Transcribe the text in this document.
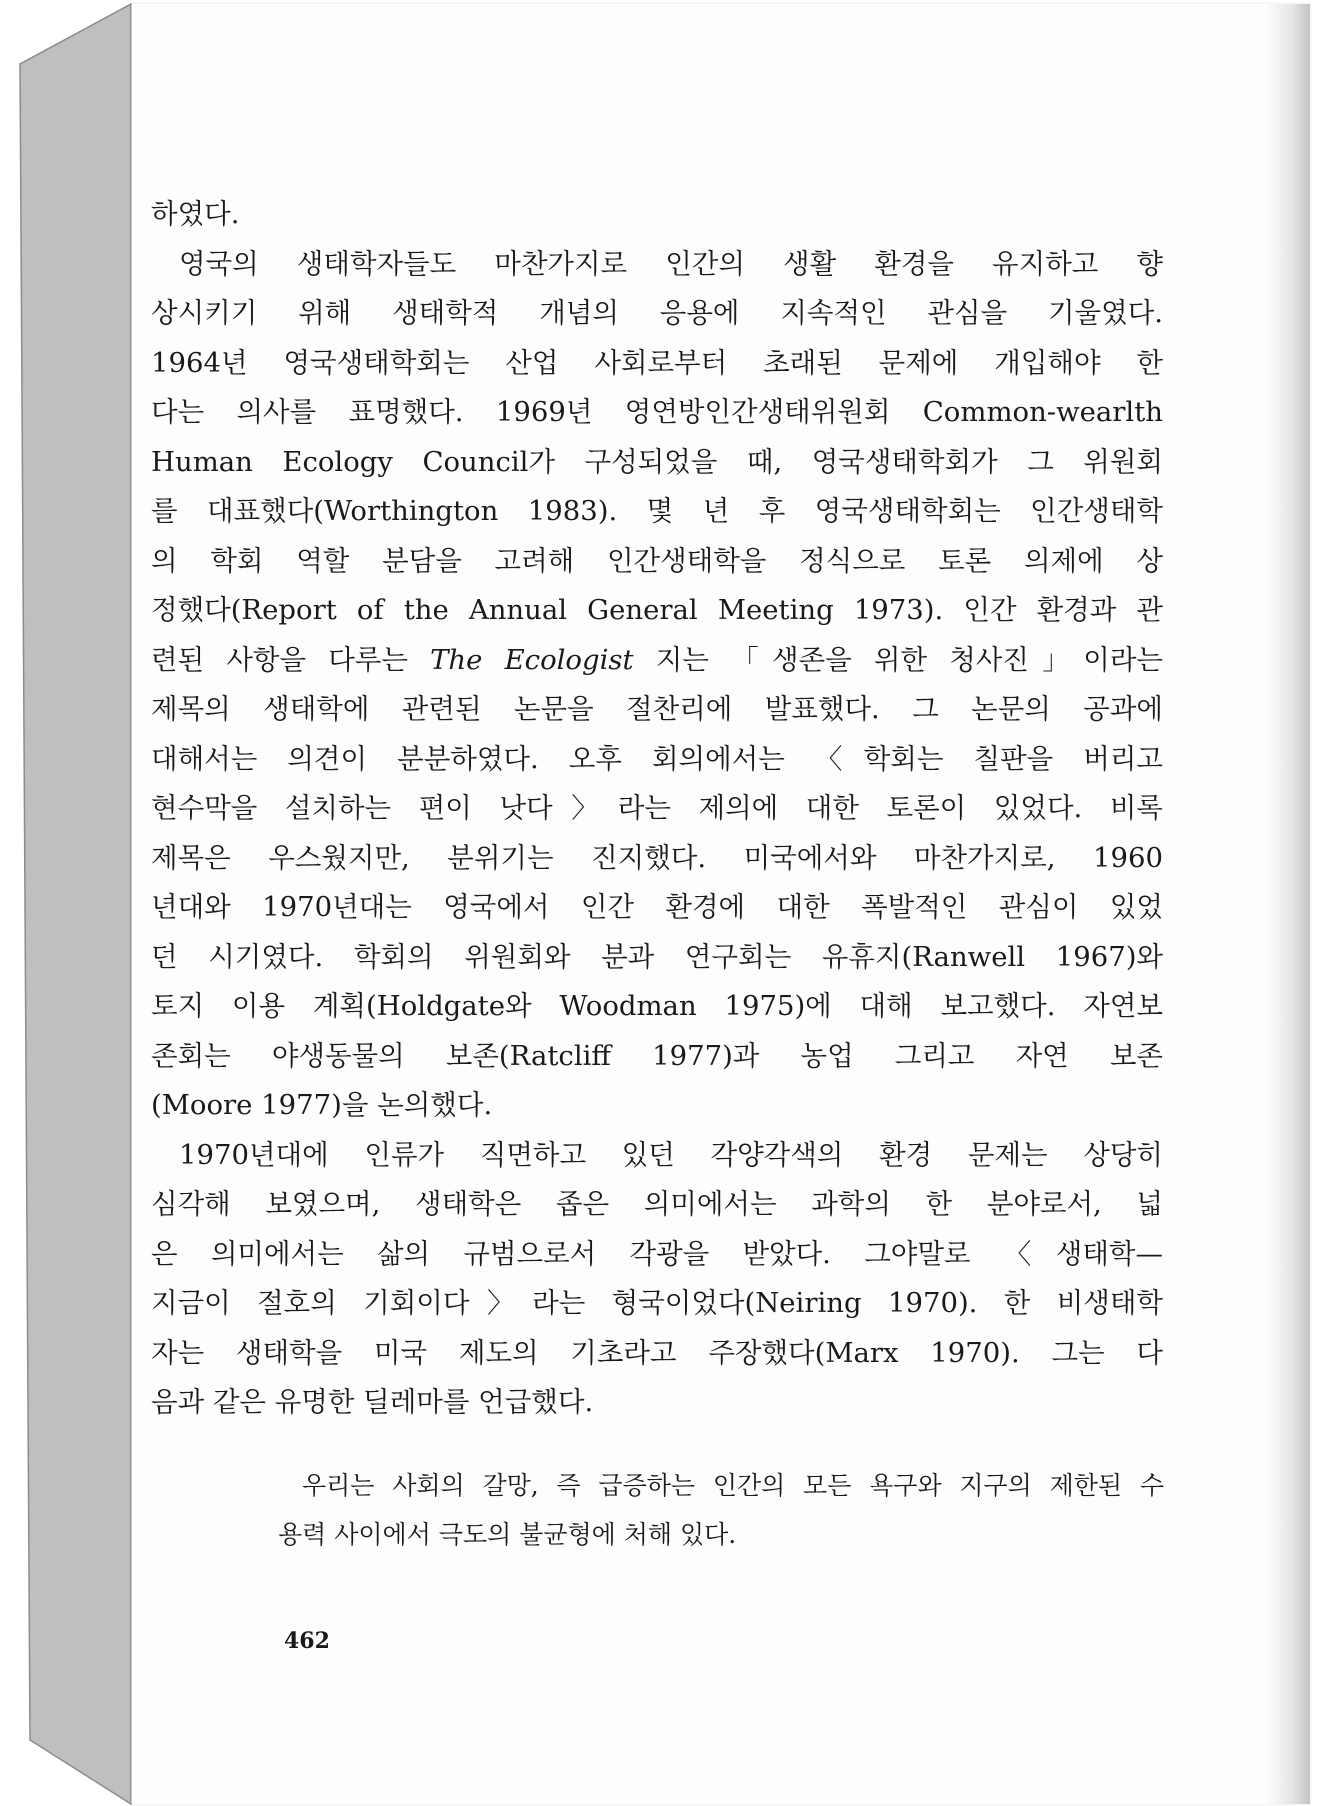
하였다.
영국의 생태학자들도 마찬가지로 인간의 생활 환경을 유지하고 향
상시키기 위해 생태학적 개념의 응용에 지속적인 관심을 기울였다.
1964년 영국생태학회는 산업 사회로부터 초래된 문제에 개입해야 한
다는 의사를 표명했다. 1969년 영연방인간생태위원회 Common-wearlth
Human Ecology Council가 구성되었을 때, 영국생태학회가 그 위원회
를 대표했다(Worthington 1983). 몇 년 후 영국생태학회는 인간생태학
의 학회 역할 분담을 고려해 인간생태학을 정식으로 토론 의제에 상
정했다(Report of the Annual General Meeting 1973). 인간 환경과 관
련된 사항을 다루는 The Ecologist 지는 「생존을 위한 청사진」이라는
제목의 생태학에 관련된 논문을 절찬리에 발표했다. 그 논문의 공과에
대해서는 의견이 분분하였다. 오후 회의에서는 〈학회는 칠판을 버리고
현수막을 설치하는 편이 낫다〉라는 제의에 대한 토론이 있었다. 비록
제목은 우스웠지만, 분위기는 진지했다. 미국에서와 마찬가지로, 1960
년대와 1970년대는 영국에서 인간 환경에 대한 폭발적인 관심이 있었
던 시기였다. 학회의 위원회와 분과 연구회는 유휴지(Ranwell 1967)와
토지 이용 계획(Holdgate와 Woodman 1975)에 대해 보고했다. 자연보
존회는 야생동물의 보존(Ratcliff 1977)과 농업 그리고 자연 보존
(Moore 1977)을 논의했다.
1970년대에 인류가 직면하고 있던 각양각색의 환경 문제는 상당히
심각해 보였으며, 생태학은 좁은 의미에서는 과학의 한 분야로서, 넓
은 의미에서는 삶의 규범으로서 각광을 받았다. 그야말로 〈생태학—
지금이 절호의 기회이다〉라는 형국이었다(Neiring 1970). 한 비생태학
자는 생태학을 미국 제도의 기초라고 주장했다(Marx 1970). 그는 다
음과 같은 유명한 딜레마를 언급했다.
우리는 사회의 갈망, 즉 급증하는 인간의 모든 욕구와 지구의 제한된 수
용력 사이에서 극도의 불균형에 처해 있다.
462
